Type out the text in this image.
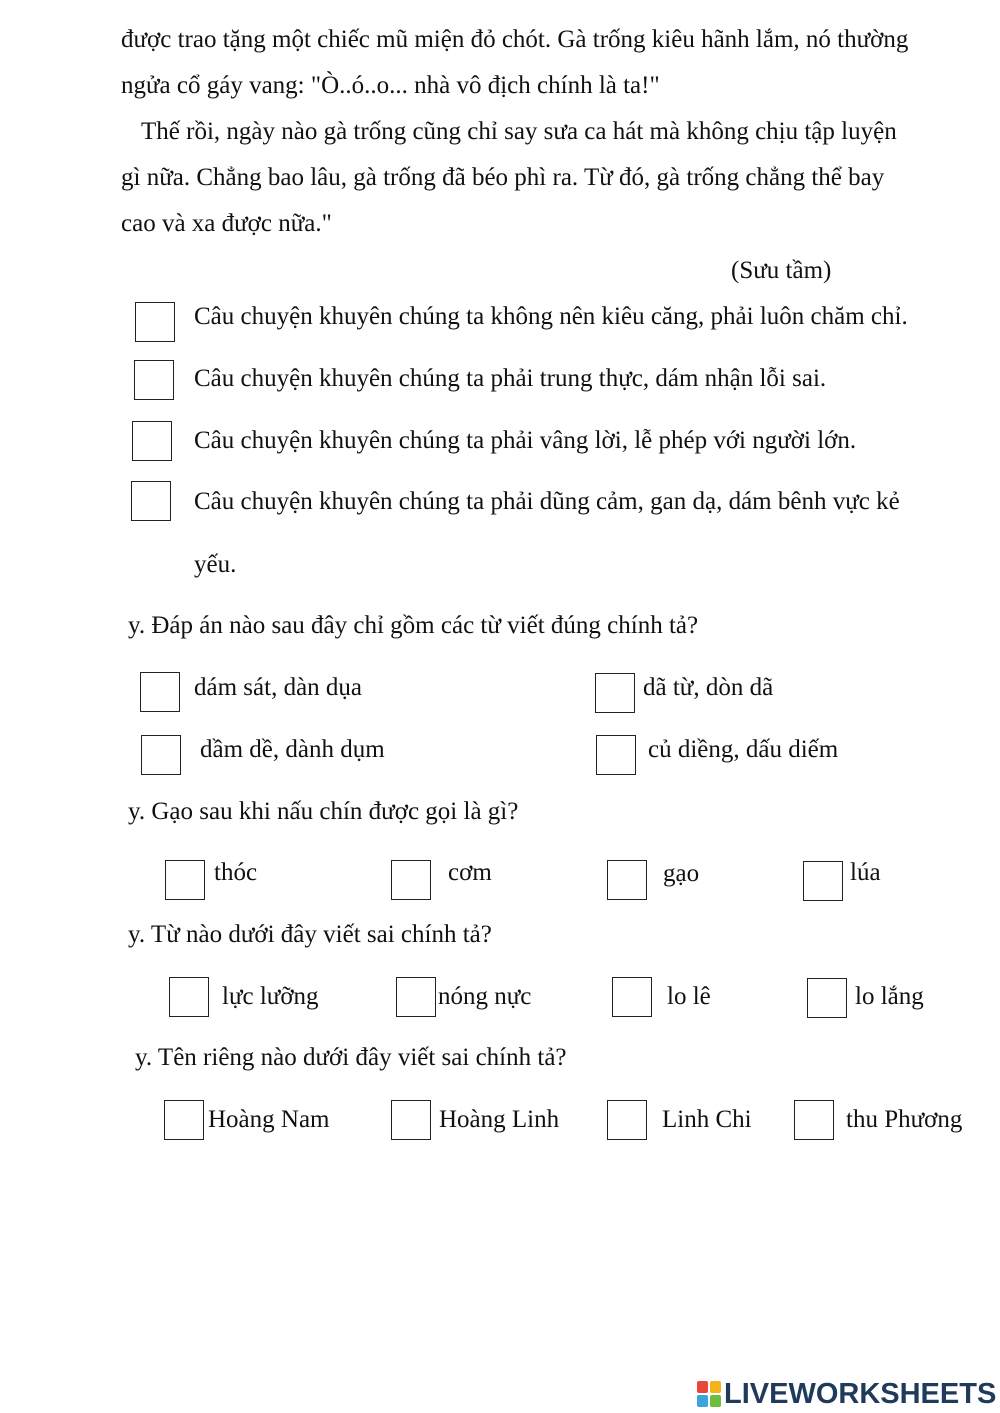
được trao tặng một chiếc mũ miện đỏ chót. Gà trống kiêu hãnh lắm, nó thường
ngửa cổ gáy vang: "Ò..ó..o... nhà vô địch chính là ta!"
Thế rồi, ngày nào gà trống cũng chỉ say sưa ca hát mà không chịu tập luyện
gì nữa. Chẳng bao lâu, gà trống đã béo phì ra. Từ đó, gà trống chẳng thể bay
cao và xa được nữa."
(Sưu tầm)
Câu chuyện khuyên chúng ta không nên kiêu căng, phải luôn chăm chỉ.
Câu chuyện khuyên chúng ta phải trung thực, dám nhận lỗi sai.
Câu chuyện khuyên chúng ta phải vâng lời, lễ phép với người lớn.
Câu chuyện khuyên chúng ta phải dũng cảm, gan dạ, dám bênh vực kẻ
yếu.
y. Đáp án nào sau đây chỉ gồm các từ viết đúng chính tả?
dám sát, dàn dụa	dã từ, dòn dã
dầm dề, dành dụm	củ diềng, dấu diếm
y. Gạo sau khi nấu chín được gọi là gì?
thóc	cơm	gạo	lúa
y. Từ nào dưới đây viết sai chính tả?
lực lưỡng	nóng nực	lo lê	lo lắng
y. Tên riêng nào dưới đây viết sai chính tả?
Hoàng Nam	Hoàng Linh	Linh Chi	thu Phương
LIVEWORKSHEETS
